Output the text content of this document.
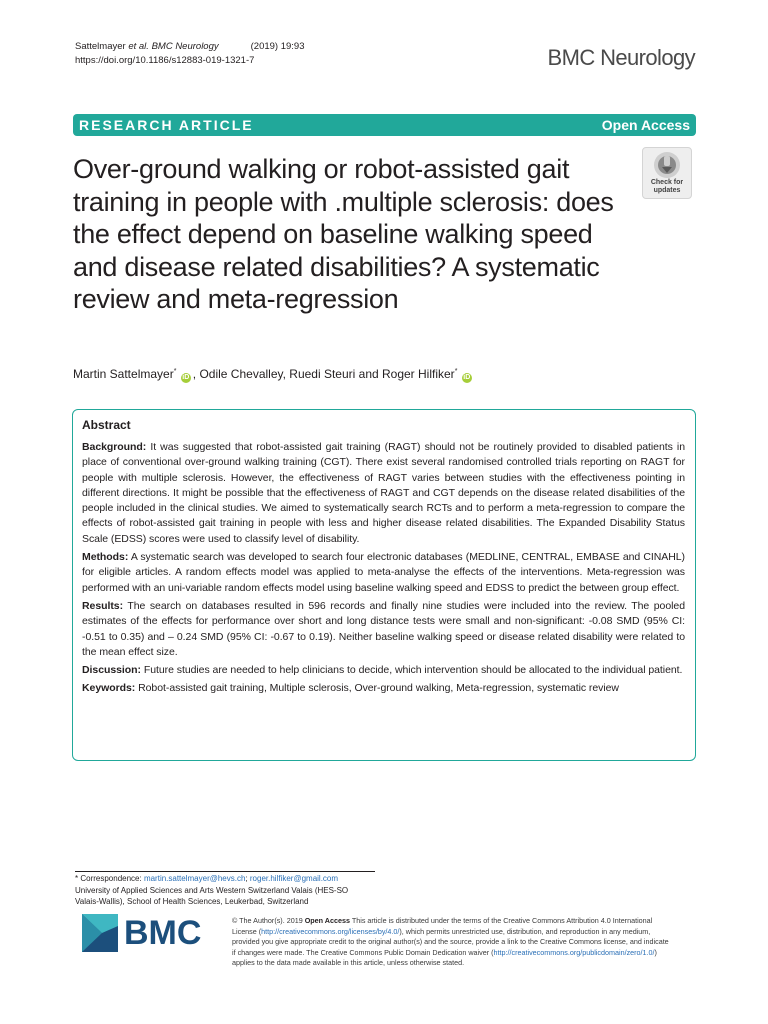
Sattelmayer et al. BMC Neurology	(2019) 19:93
https://doi.org/10.1186/s12883-019-1321-7	BMC Neurology
RESEARCH ARTICLE	Open Access
Over-ground walking or robot-assisted gait training in people with .multiple sclerosis: does the effect depend on baseline walking speed and disease related disabilities? A systematic review and meta-regression
Check for
updates
Martin Sattelmayer* iD , Odile Chevalley, Ruedi Steuri and Roger Hilfiker* iD
Abstract

Background: It was suggested that robot-assisted gait training (RAGT) should not be routinely provided to disabled patients in place of conventional over-ground walking training (CGT). There exist several randomised controlled trials reporting on RAGT for people with multiple sclerosis. However, the effectiveness of RAGT varies between studies with the effectiveness pointing in different directions. It might be possible that the effectiveness of RAGT and CGT depends on the disease related disabilities of the people included in the clinical studies. We aimed to systematically search RCTs and to perform a meta-regression to compare the effects of robot-assisted gait training in people with less and higher disease related disabilities. The Expanded Disability Status Scale (EDSS) scores were used to classify level of disability.

Methods: A systematic search was developed to search four electronic databases (MEDLINE, CENTRAL, EMBASE and CINAHL) for eligible articles. A random effects model was applied to meta-analyse the effects of the interventions. Meta-regression was performed with an uni-variable random effects model using baseline walking speed and EDSS to predict the between group effect.

Results: The search on databases resulted in 596 records and finally nine studies were included into the review. The pooled estimates of the effects for performance over short and long distance tests were small and non-significant: -0.08 SMD (95% CI: -0.51 to 0.35) and – 0.24 SMD (95% CI: -0.67 to 0.19). Neither baseline walking speed or disease related disability were related to the mean effect size.

Discussion: Future studies are needed to help clinicians to decide, which intervention should be allocated to the individual patient.

Keywords: Robot-assisted gait training, Multiple sclerosis, Over-ground walking, Meta-regression, systematic review

* Correspondence: martin.sattelmayer@hevs.ch; roger.hilfiker@gmail.com
University of Applied Sciences and Arts Western Switzerland Valais (HES-SO
Valais-Wallis), School of Health Sciences, Leukerbad, Switzerland
BMC	© The Author(s). 2019 Open Access This article is distributed under the terms of the Creative Commons Attribution 4.0 International License (http://creativecommons.org/licenses/by/4.0/), which permits unrestricted use, distribution, and reproduction in any medium, provided you give appropriate credit to the original author(s) and the source, provide a link to the Creative Commons license, and indicate if changes were made. The Creative Commons Public Domain Dedication waiver (http://creativecommons.org/publicdomain/zero/1.0/) applies to the data made available in this article, unless otherwise stated.
